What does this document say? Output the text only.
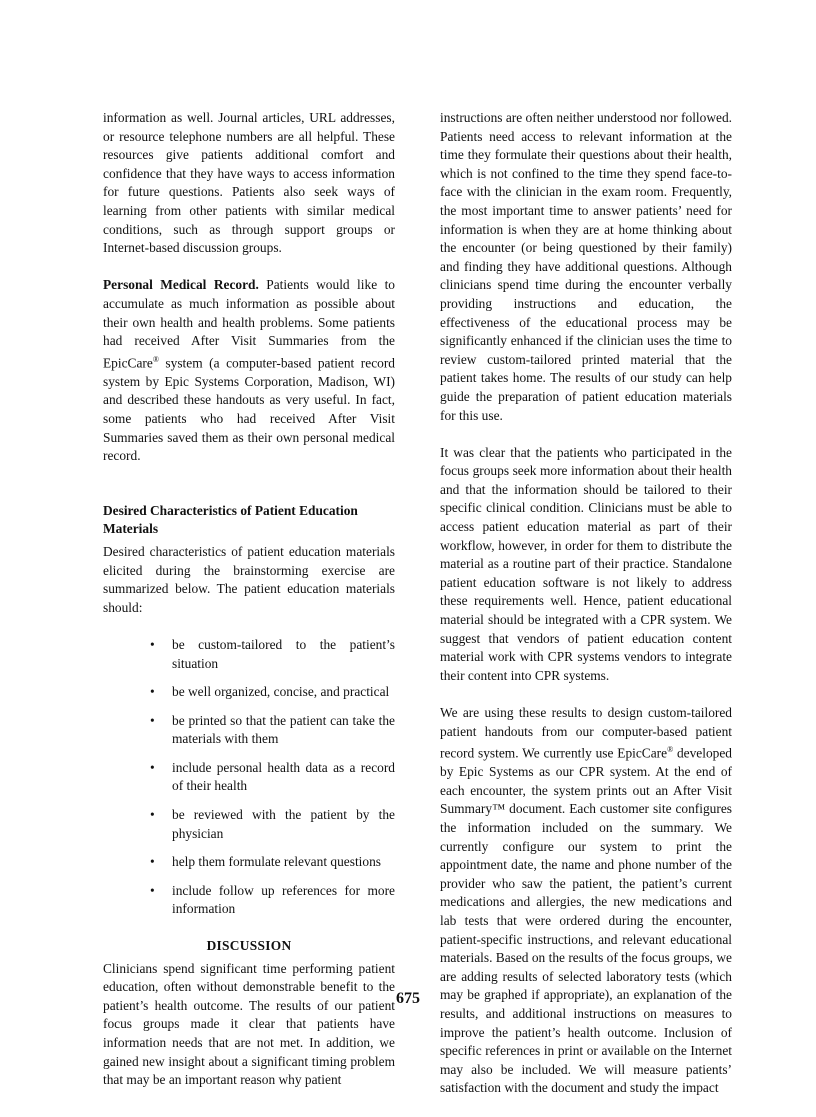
information as well. Journal articles, URL addresses, or resource telephone numbers are all helpful. These resources give patients additional comfort and confidence that they have ways to access information for future questions. Patients also seek ways of learning from other patients with similar medical conditions, such as through support groups or Internet-based discussion groups.

Personal Medical Record. Patients would like to accumulate as much information as possible about their own health and health problems. Some patients had received After Visit Summaries from the EpicCare® system (a computer-based patient record system by Epic Systems Corporation, Madison, WI) and described these handouts as very useful. In fact, some patients who had received After Visit Summaries saved them as their own personal medical record.

Desired Characteristics of Patient Education Materials

Desired characteristics of patient education materials elicited during the brainstorming exercise are summarized below. The patient education materials should:

• be custom-tailored to the patient’s situation
• be well organized, concise, and practical
• be printed so that the patient can take the materials with them
• include personal health data as a record of their health
• be reviewed with the patient by the physician
• help them formulate relevant questions
• include follow up references for more information
DISCUSSION

Clinicians spend significant time performing patient education, often without demonstrable benefit to the patient’s health outcome. The results of our patient focus groups made it clear that patients have information needs that are not met. In addition, we gained new insight about a significant timing problem that may be an important reason why patient

instructions are often neither understood nor followed. Patients need access to relevant information at the time they formulate their questions about their health, which is not confined to the time they spend face-to-face with the clinician in the exam room. Frequently, the most important time to answer patients’ need for information is when they are at home thinking about the encounter (or being questioned by their family) and finding they have additional questions. Although clinicians spend time during the encounter verbally providing instructions and education, the effectiveness of the educational process may be significantly enhanced if the clinician uses the time to review custom-tailored printed material that the patient takes home. The results of our study can help guide the preparation of patient education materials for this use.

It was clear that the patients who participated in the focus groups seek more information about their health and that the information should be tailored to their specific clinical condition. Clinicians must be able to access patient education material as part of their workflow, however, in order for them to distribute the material as a routine part of their practice. Standalone patient education software is not likely to address these requirements well. Hence, patient educational material should be integrated with a CPR system. We suggest that vendors of patient education content material work with CPR systems vendors to integrate their content into CPR systems.

We are using these results to design custom-tailored patient handouts from our computer-based patient record system. We currently use EpicCare® developed by Epic Systems as our CPR system. At the end of each encounter, the system prints out an After Visit Summary™ document. Each customer site configures the information included on the summary. We currently configure our system to print the appointment date, the name and phone number of the provider who saw the patient, the patient’s current medications and allergies, the new medications and lab tests that were ordered during the encounter, patient-specific instructions, and relevant educational materials. Based on the results of the focus groups, we are adding results of selected laboratory tests (which may be graphed if appropriate), an explanation of the results, and additional instructions on measures to improve the patient’s health outcome. Inclusion of specific references in print or available on the Internet may also be included. We will measure patients’ satisfaction with the document and study the impact

675
